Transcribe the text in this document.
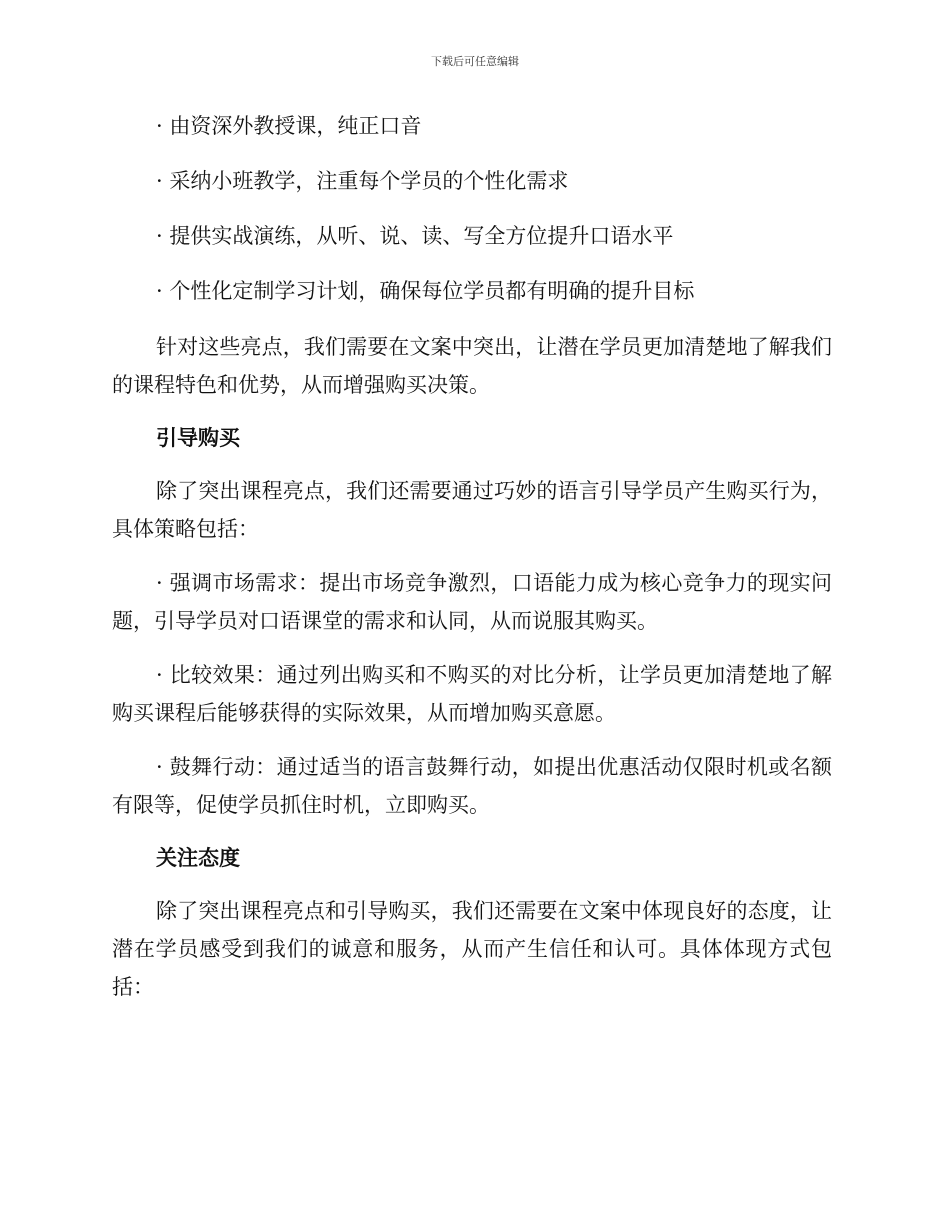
下载后可任意编辑
· 由资深外教授课，纯正口音
· 采纳小班教学，注重每个学员的个性化需求
· 提供实战演练，从听、说、读、写全方位提升口语水平
· 个性化定制学习计划，确保每位学员都有明确的提升目标

针对这些亮点，我们需要在文案中突出，让潜在学员更加清楚地了解我们的课程特色和优势，从而增强购买决策。

引导购买

除了突出课程亮点，我们还需要通过巧妙的语言引导学员产生购买行为，具体策略包括：

· 强调市场需求：提出市场竞争激烈，口语能力成为核心竞争力的现实问题，引导学员对口语课堂的需求和认同，从而说服其购买。

· 比较效果：通过列出购买和不购买的对比分析，让学员更加清楚地了解购买课程后能够获得的实际效果，从而增加购买意愿。

· 鼓舞行动：通过适当的语言鼓舞行动，如提出优惠活动仅限时机或名额有限等，促使学员抓住时机，立即购买。

关注态度

除了突出课程亮点和引导购买，我们还需要在文案中体现良好的态度，让潜在学员感受到我们的诚意和服务，从而产生信任和认可。具体体现方式包括：
